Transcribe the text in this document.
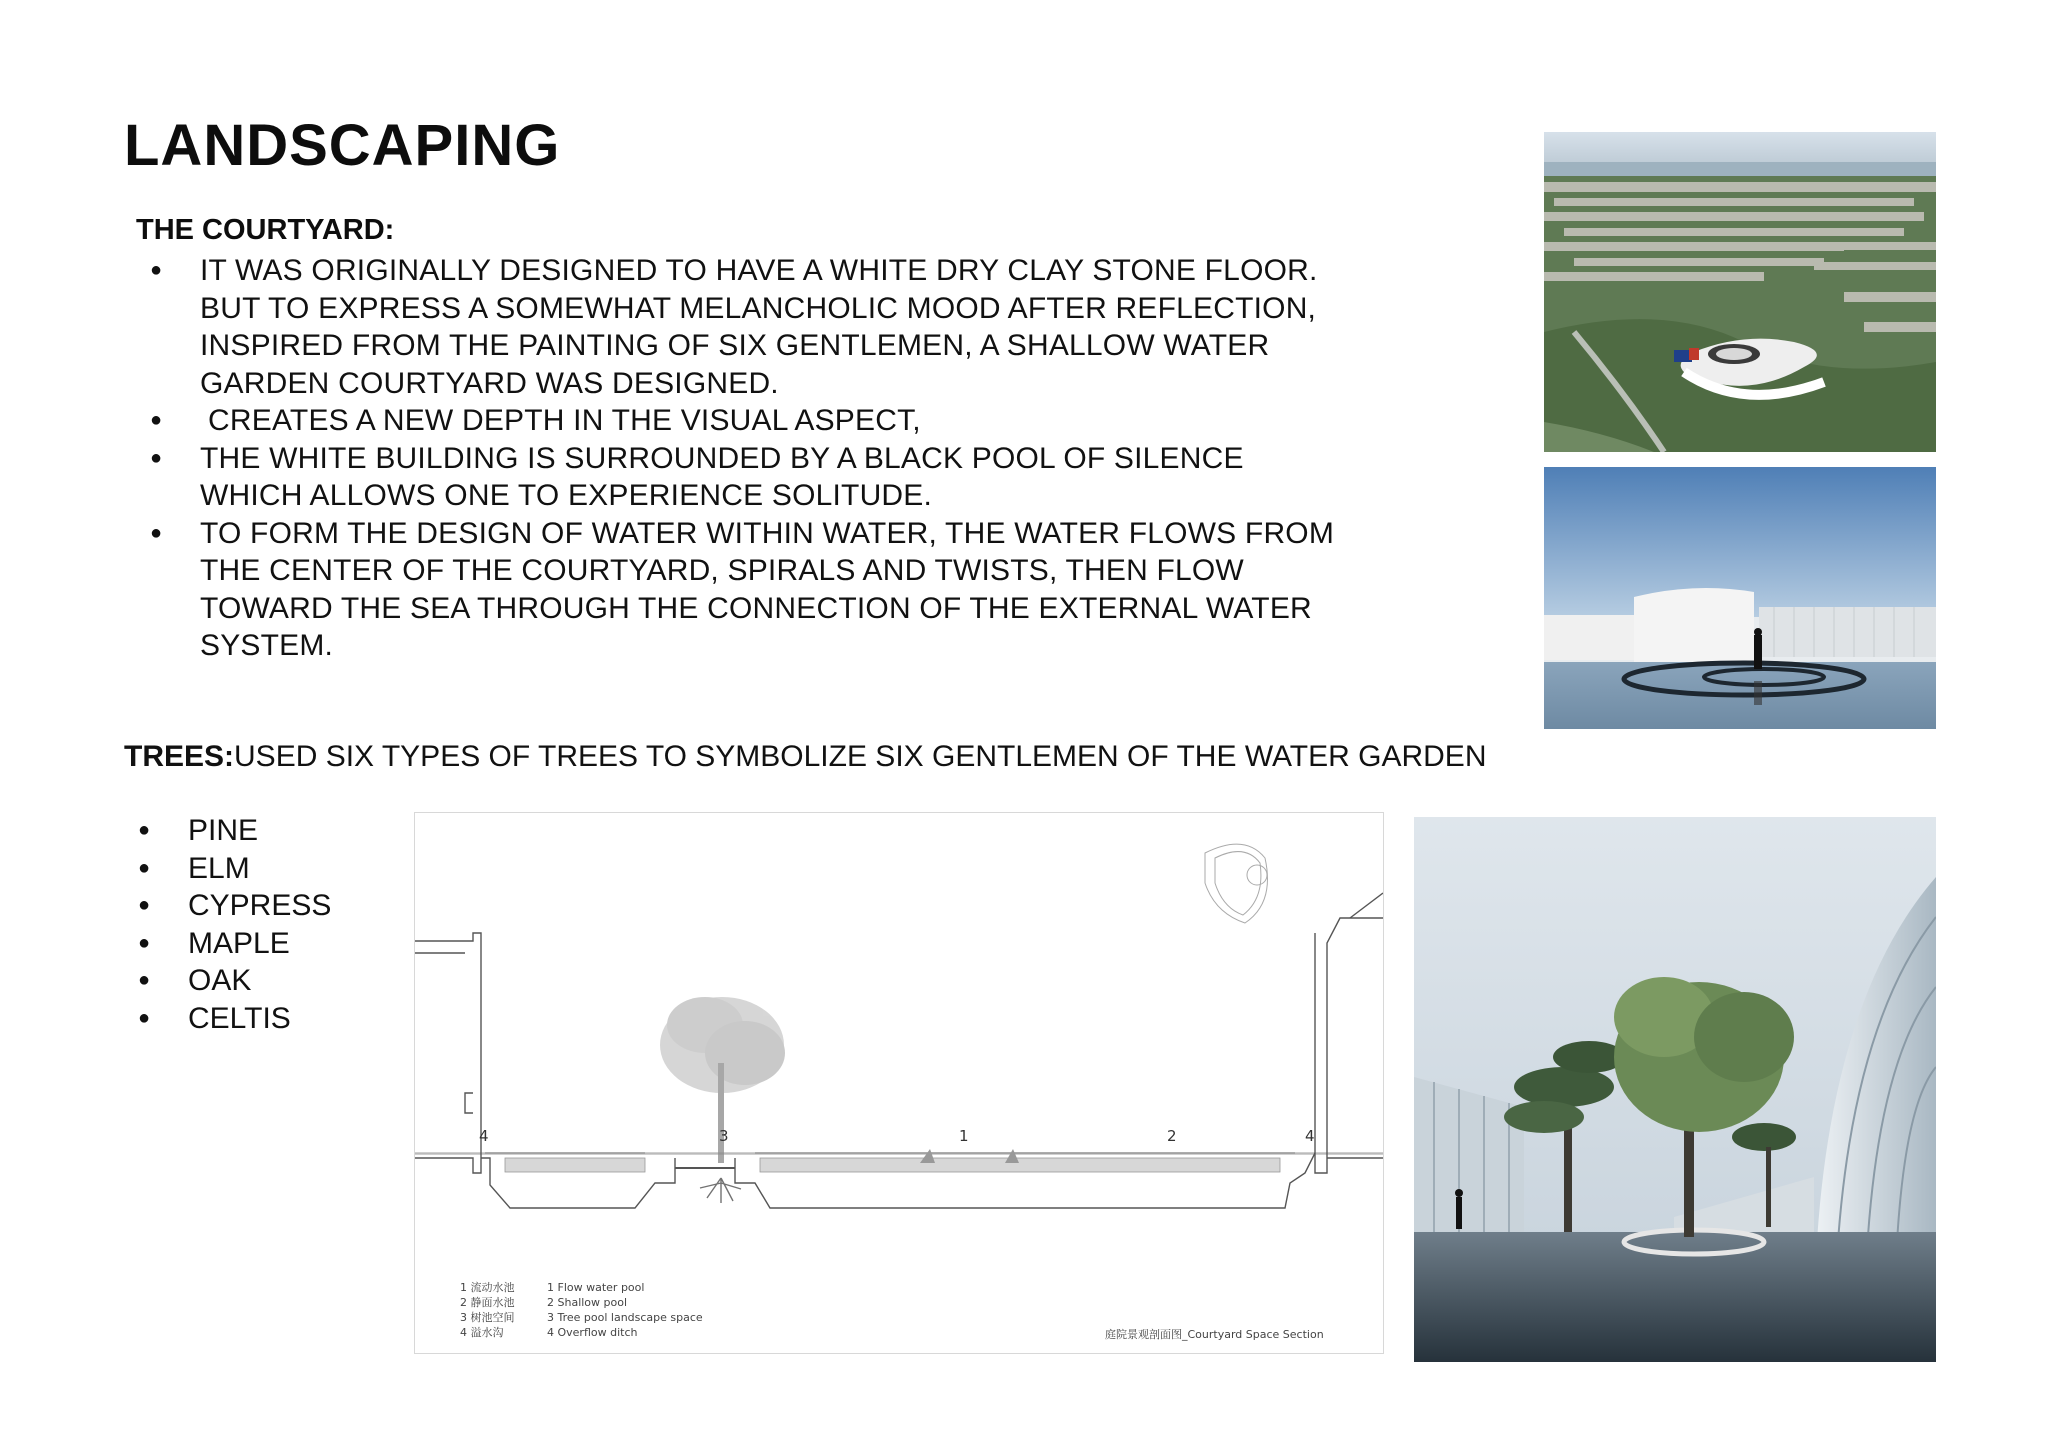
LANDSCAPING
THE COURTYARD:
● IT WAS ORIGINALLY DESIGNED TO HAVE A WHITE DRY CLAY STONE FLOOR. BUT TO EXPRESS A SOMEWHAT MELANCHOLIC MOOD AFTER REFLECTION, INSPIRED FROM THE PAINTING OF SIX GENTLEMEN, A SHALLOW WATER GARDEN COURTYARD WAS DESIGNED.
● CREATES A NEW DEPTH IN THE VISUAL ASPECT,
● THE WHITE BUILDING IS SURROUNDED BY A BLACK POOL OF SILENCE WHICH ALLOWS ONE TO EXPERIENCE SOLITUDE.
● TO FORM THE DESIGN OF WATER WITHIN WATER, THE WATER FLOWS FROM THE CENTER OF THE COURTYARD, SPIRALS AND TWISTS, THEN FLOW TOWARD THE SEA THROUGH THE CONNECTION OF THE EXTERNAL WATER SYSTEM.

TREES:USED SIX TYPES OF TREES TO SYMBOLIZE SIX GENTLEMEN OF THE WATER GARDEN

● PINE
● ELM
● CYPRESS
● MAPLE
● OAK
● CELTIS
4	3	1	2	4
1 流动水池
2 静面水池
3 树池空间
4 溢水沟
1 Flow water pool
2 Shallow pool
3 Tree pool landscape space
4 Overflow ditch	庭院景观剖面图_Courtyard Space Section
